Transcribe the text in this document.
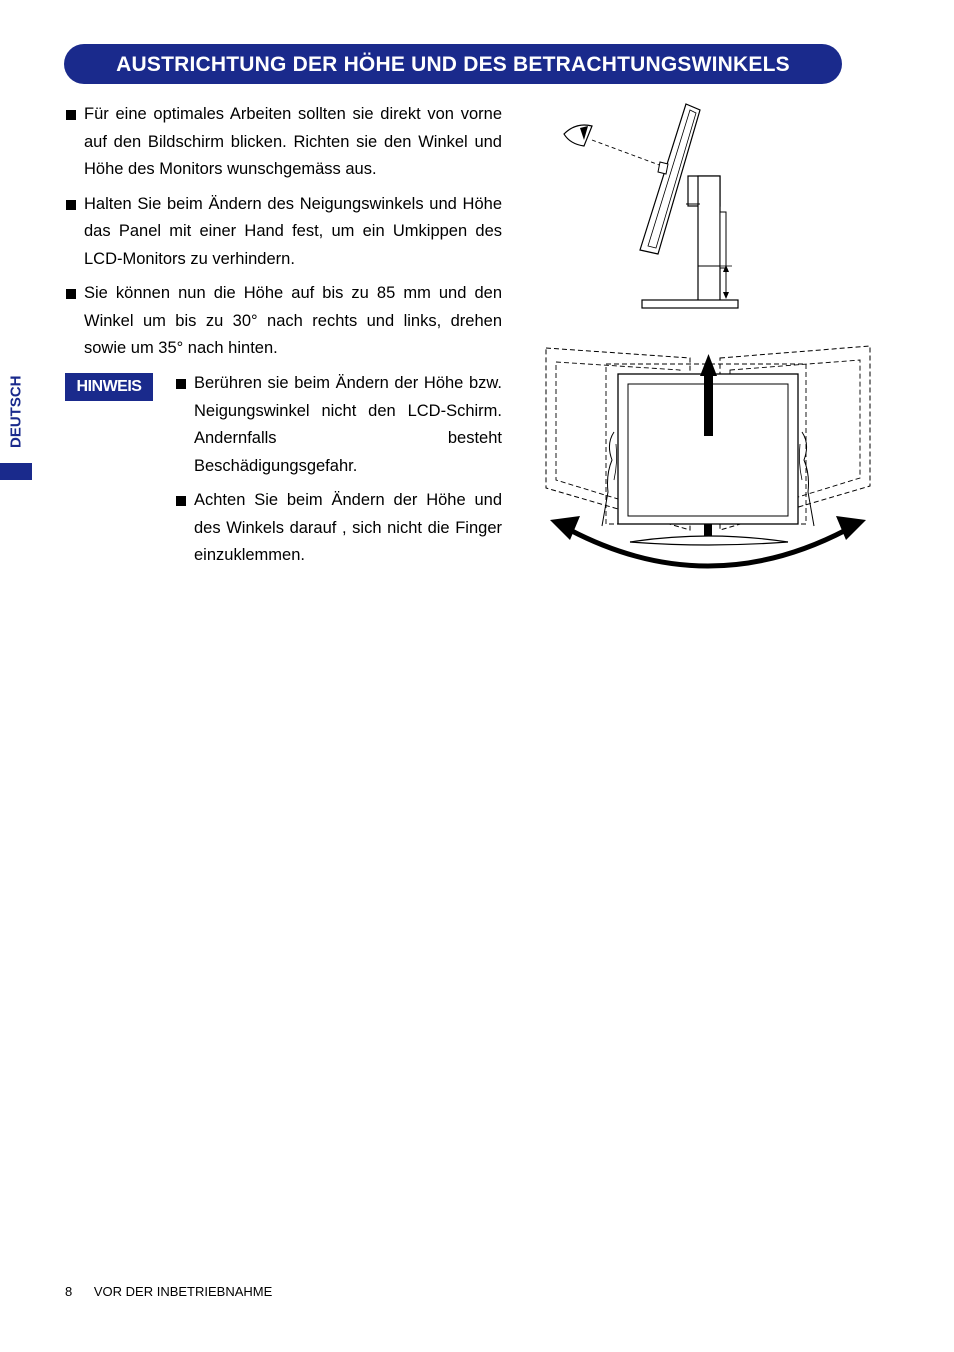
AUSTRICHTUNG DER HÖHE UND DES BETRACHTUNGSWINKELS
DEUTSCH
Für eine optimales Arbeiten sollten sie direkt von vorne auf den Bildschirm blicken. Richten sie den Winkel und Höhe des Monitors wunschgemäss aus.
Halten Sie beim Ändern des Neigungswinkels und Höhe das Panel mit einer Hand fest, um ein Umkippen des LCD-Monitors zu verhindern.
Sie können nun die Höhe auf bis zu 85 mm und den Winkel um bis zu 30° nach rechts und links, drehen sowie um 35° nach hinten.
HINWEIS	Berühren sie beim Ändern der Höhe bzw. Neigungswinkel nicht den LCD-Schirm. Andernfalls besteht Beschädigungsgefahr.
Achten Sie beim Ändern der Höhe und des Winkels darauf , sich nicht die Finger einzuklemmen.
8 VOR DER INBETRIEBNAHME
